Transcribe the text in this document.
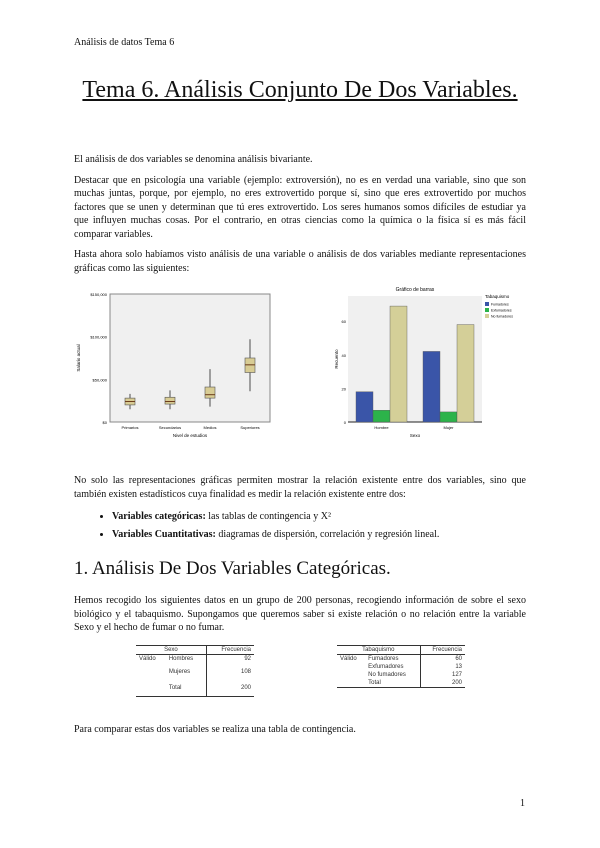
Análisis de datos Tema 6
Tema 6. Análisis Conjunto De Dos Variables.
El análisis de dos variables se denomina análisis bivariante.
Destacar que en psicología una variable (ejemplo: extroversión), no es en verdad una variable, sino que son muchas juntas, porque, por ejemplo, no eres extrovertido porque sí, sino que eres extrovertido por muchos factores que se unen y determinan que tú eres extrovertido. Los seres humanos somos difíciles de estudiar ya que influyen muchas cosas. Por el contrario, en otras ciencias como la química o la física sí es más fácil comparar variables.
Hasta ahora solo habíamos visto análisis de una variable o análisis de dos variables mediante representaciones gráficas como las siguientes:
$0
$50,000
$100,000
$150,000
Primarios	Secundarios	Medios	Superiores
Nivel de estudios
Salario actual
Gráfico de barras
0
20
40
60
Hombre	Mujer
Sexo
Recuento
Tabaquismo
Fumadores
Exfumadores
No fumadores
No solo las representaciones gráficas permiten mostrar la relación existente entre dos variables, sino que también existen estadísticos cuya finalidad es medir la relación existente entre dos:
• Variables categóricas: las tablas de contingencia y X²
• Variables Cuantitativas: diagramas de dispersión, correlación y regresión lineal.
1. Análisis De Dos Variables Categóricas.
Hemos recogido los siguientes datos en un grupo de 200 personas, recogiendo información de sobre el sexo biológico y el tabaquismo. Supongamos que queremos saber si existe relación o no relación entre la variable Sexo y el hecho de fumar o no fumar.
Sexo		Frecuencia
Válido	Hombres	92
	Mujeres	108
	Total	200
Tabaquismo		Frecuencia
Válido	Fumadores	60
	Exfumadores	13
	No fumadores	127
	Total	200
Para comparar estas dos variables se realiza una tabla de contingencia.
1
